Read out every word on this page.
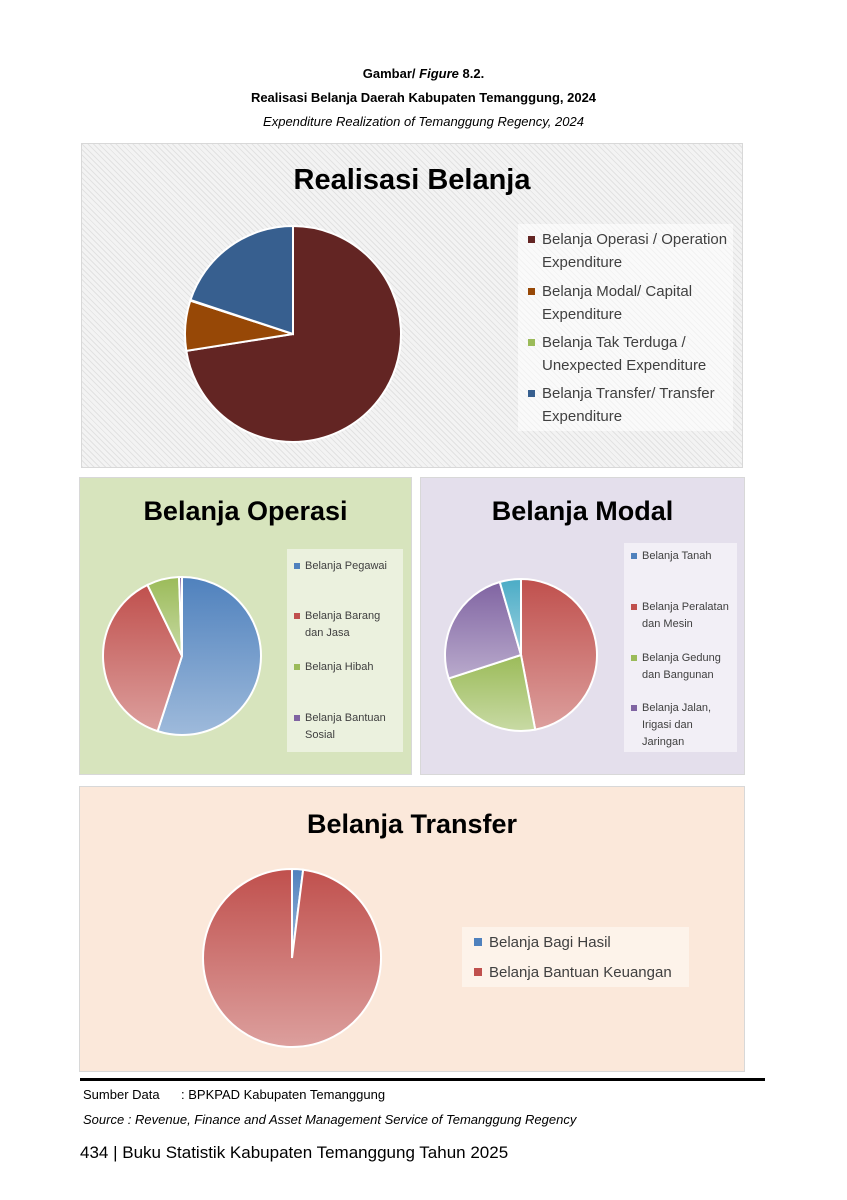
Gambar/ Figure 8.2.
Realisasi Belanja Daerah Kabupaten Temanggung, 2024
Expenditure Realization of Temanggung Regency, 2024
Realisasi Belanja
Belanja Operasi / Operation Expenditure
Belanja Modal/ Capital Expenditure
Belanja Tak Terduga / Unexpected Expenditure
Belanja Transfer/ Transfer Expenditure
Belanja Operasi
Belanja Pegawai
Belanja Barang dan Jasa
Belanja Hibah
Belanja Bantuan Sosial
Belanja Modal
Belanja Tanah
Belanja Peralatan dan Mesin
Belanja Gedung dan Bangunan
Belanja Jalan, Irigasi dan Jaringan
Belanja Transfer
Belanja Bagi Hasil
Belanja Bantuan Keuangan
Sumber Data : BPKPAD Kabupaten Temanggung
Source : Revenue, Finance and Asset Management Service of Temanggung Regency
434 | Buku Statistik Kabupaten Temanggung Tahun 2025
